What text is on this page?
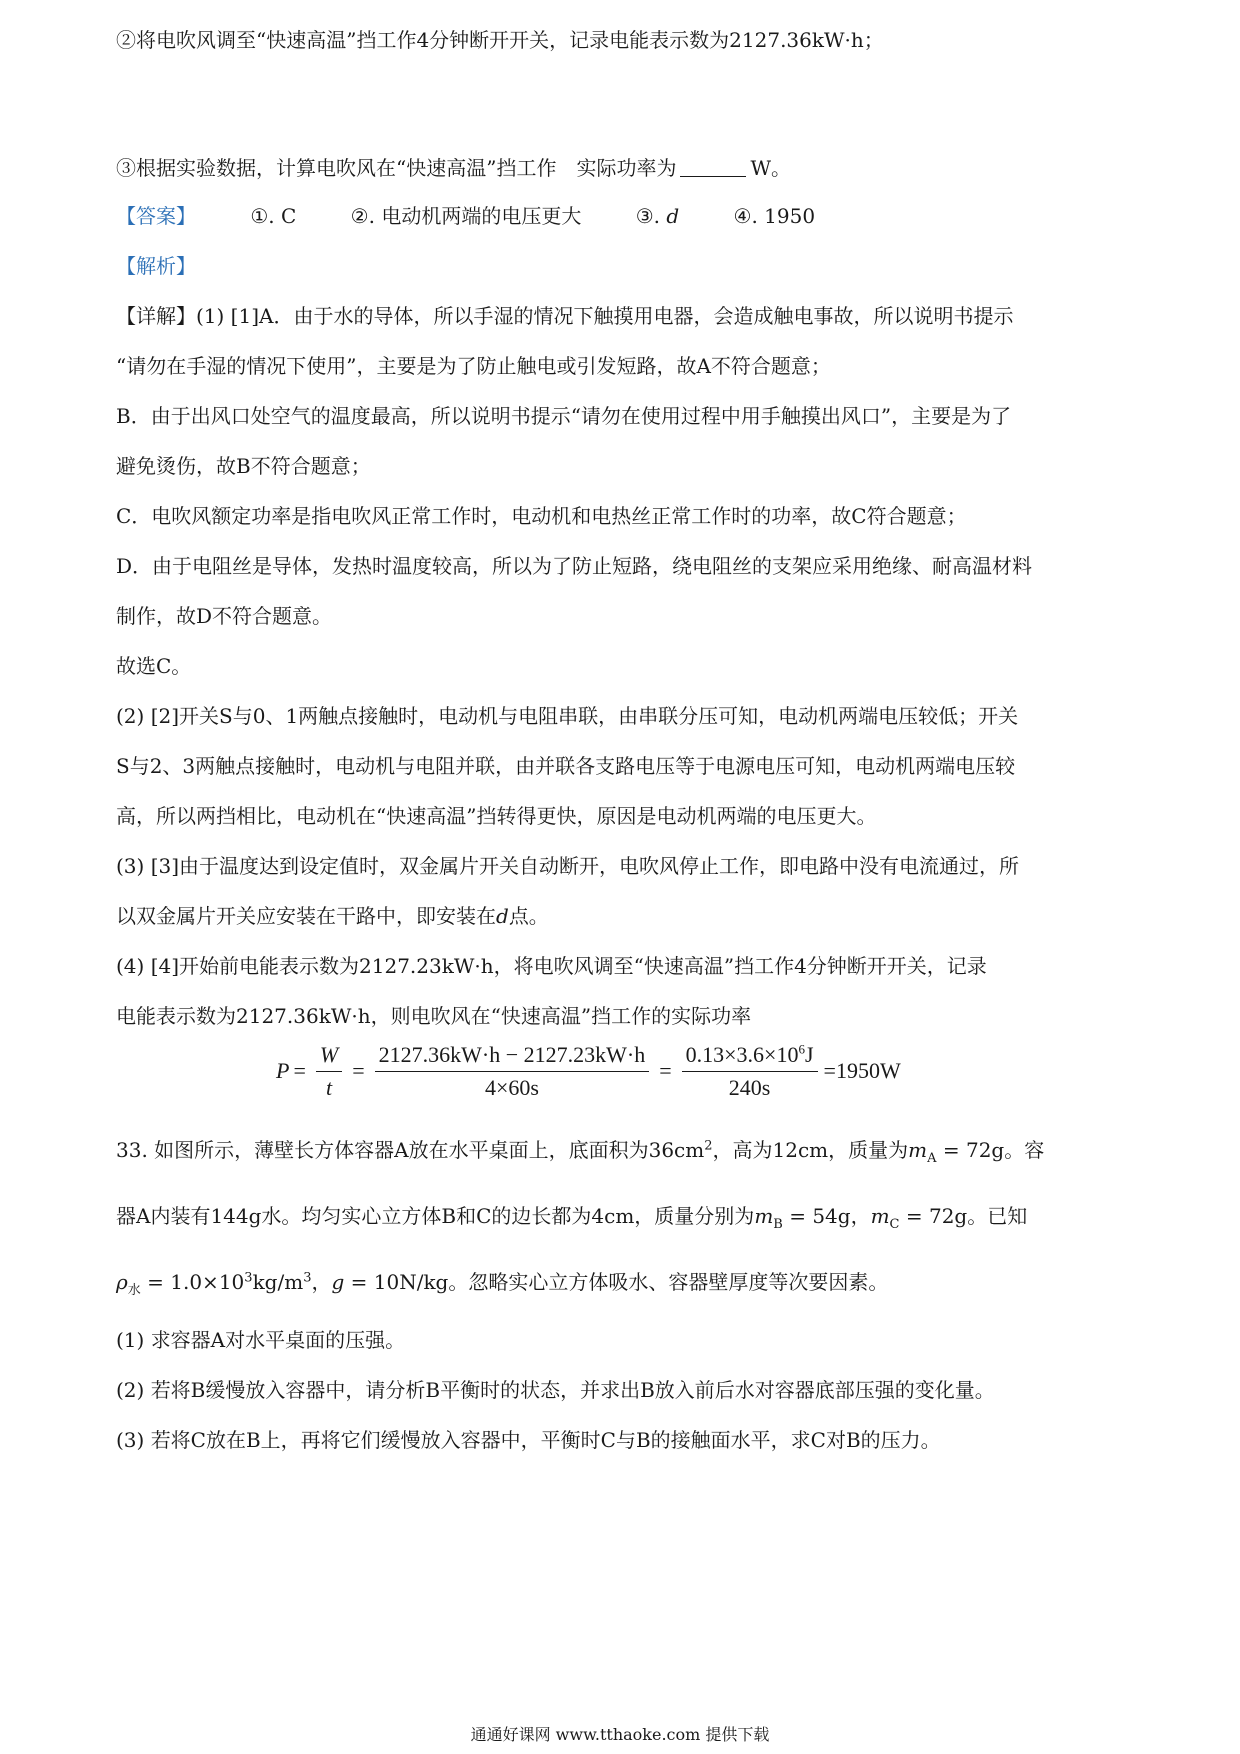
②将电吹风调至“快速高温”挡工作4分钟断开开关，记录电能表示数为2127.36kW·h；
③根据实验数据，计算电吹风在“快速高温”挡工作　实际功率为	W。
【答案】	①. C	②. 电动机两端的电压更大	③. d	④. 1950
【解析】
【详解】(1) [1]A．由于水的导体，所以手湿的情况下触摸用电器，会造成触电事故，所以说明书提示
“请勿在手湿的情况下使用”，主要是为了防止触电或引发短路，故A不符合题意；
B．由于出风口处空气的温度最高，所以说明书提示“请勿在使用过程中用手触摸出风口”，主要是为了
避免烫伤，故B不符合题意；
C．电吹风额定功率是指电吹风正常工作时，电动机和电热丝正常工作时的功率，故C符合题意；
D．由于电阻丝是导体，发热时温度较高，所以为了防止短路，绕电阻丝的支架应采用绝缘、耐高温材料
制作，故D不符合题意。
故选C。
(2) [2]开关S与0、1两触点接触时，电动机与电阻串联，由串联分压可知，电动机两端电压较低；开关
S与2、3两触点接触时，电动机与电阻并联，由并联各支路电压等于电源电压可知，电动机两端电压较
高，所以两挡相比，电动机在“快速高温”挡转得更快，原因是电动机两端的电压更大。
(3) [3]由于温度达到设定值时，双金属片开关自动断开，电吹风停止工作，即电路中没有电流通过，所
以双金属片开关应安装在干路中，即安装在d点。
(4) [4]开始前电能表示数为2127.23kW·h，将电吹风调至“快速高温”挡工作4分钟断开开关，记录
电能表示数为2127.36kW·h，则电吹风在“快速高温”挡工作的实际功率
$P = \frac{W}{t} = \frac{2127.36kW\cdot h - 2127.23kW\cdot h}{4\times 60s} = \frac{0.13\times 3.6\times 10^6J}{240s} =1950W$
33. 如图所示，薄壁长方体容器A放在水平桌面上，底面积为$36cm^2$，高为12cm，质量为$m_A = 72g$。容
器A内装有144g水。均匀实心立方体B和C的边长都为4cm，质量分别为$m_B = 54g$，$m_C = 72g$。已知
$\rho_水 = 1.0\times 10^3kg/m^3$，g = 10N/kg。忽略实心立方体吸水、容器壁厚度等次要因素。
(1) 求容器A对水平桌面的压强。
(2) 若将B缓慢放入容器中，请分析B平衡时的状态，并求出B放入前后水对容器底部压强的变化量。
(3) 若将C放在B上，再将它们缓慢放入容器中，平衡时C与B的接触面水平，求C对B的压力。
通通好课网 www.tthaoke.com 提供下载
